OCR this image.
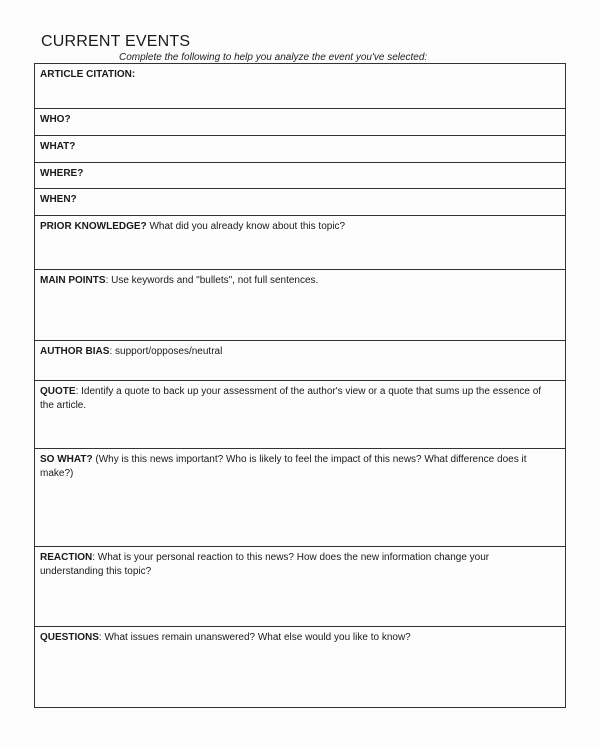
CURRENT EVENTS
Complete the following to help you analyze the event you've selected:
ARTICLE CITATION:
WHO?
WHAT?
WHERE?
WHEN?
PRIOR KNOWLEDGE? What did you already know about this topic?
MAIN POINTS: Use keywords and "bullets", not full sentences.
AUTHOR BIAS: support/opposes/neutral
QUOTE: Identify a quote to back up your assessment of the author's view or a quote that sums up the essence of the article.
SO WHAT? (Why is this news important? Who is likely to feel the impact of this news? What difference does it make?)
REACTION: What is your personal reaction to this news? How does the new information change your understanding this topic?
QUESTIONS: What issues remain unanswered? What else would you like to know?
